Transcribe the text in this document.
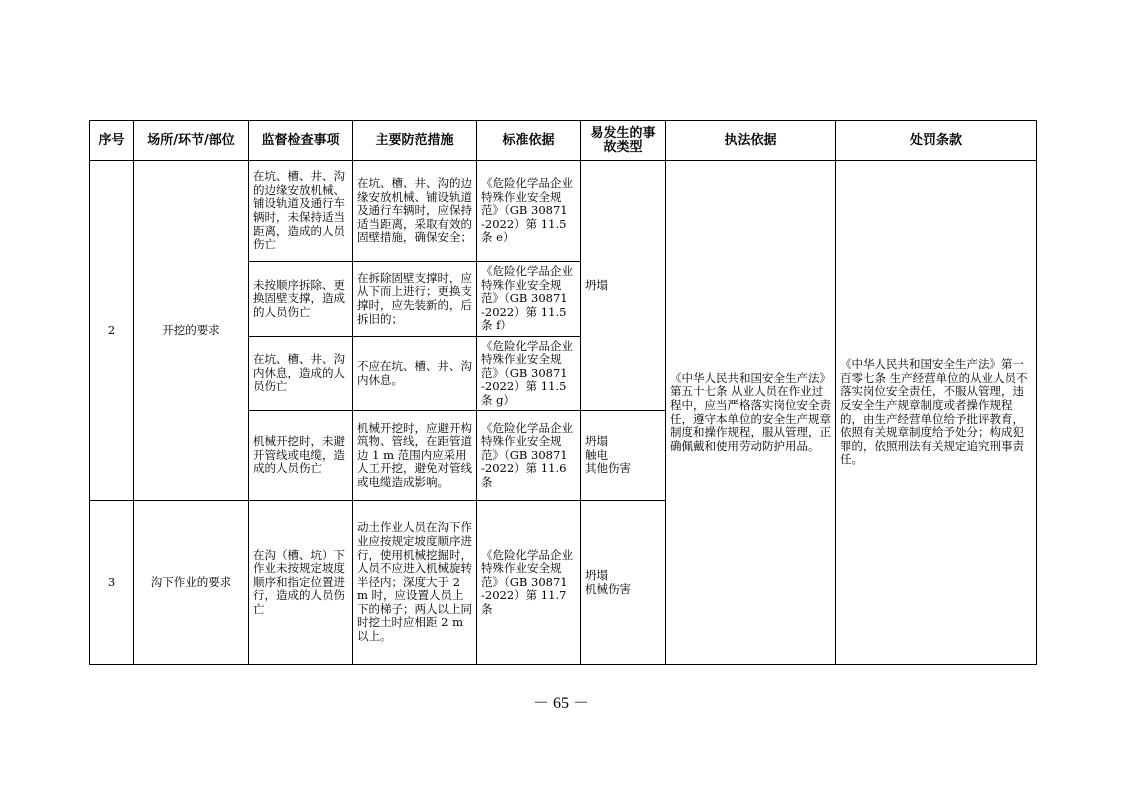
序号	场所/环节/部位	监督检查事项	主要防范措施	标准依据	易发生的事故类型	执法依据	处罚条款
2	开挖的要求	在坑、槽、井、沟的边缘安放机械、铺设轨道及通行车辆时，未保持适当距离，造成的人员伤亡	在坑、槽、井、沟的边缘安放机械、铺设轨道及通行车辆时，应保持适当距离，采取有效的固壁措施，确保安全；	《危险化学品企业特殊作业安全规范》（GB 30871 -2022）第 11.5 条 e）	坍塌	《中华人民共和国安全生产法》第五十七条 从业人员在作业过程中，应当严格落实岗位安全责任，遵守本单位的安全生产规章制度和操作规程，服从管理，正确佩戴和使用劳动防护用品。	《中华人民共和国安全生产法》第一百零七条 生产经营单位的从业人员不落实岗位安全责任，不服从管理，违反安全生产规章制度或者操作规程的，由生产经营单位给予批评教育，依照有关规章制度给予处分；构成犯罪的，依照刑法有关规定追究刑事责任。
		未按顺序拆除、更换固壁支撑，造成的人员伤亡	在拆除固壁支撑时，应从下而上进行；更换支撑时，应先装新的，后拆旧的；	《危险化学品企业特殊作业安全规范》（GB 30871 -2022）第 11.5 条 f）			
		在坑、槽、井、沟内休息，造成的人员伤亡	不应在坑、槽、井、沟内休息。	《危险化学品企业特殊作业安全规范》（GB 30871 -2022）第 11.5 条 g）			
		机械开挖时，未避开管线或电缆，造成的人员伤亡	机械开挖时，应避开构筑物、管线，在距管道边 1 m 范围内应采用人工开挖，避免对管线或电缆造成影响。	《危险化学品企业特殊作业安全规范》（GB 30871 -2022）第 11.6 条	坍塌
触电
其他伤害		

3	沟下作业的要求	在沟（槽、坑）下作业未按规定坡度顺序和指定位置进行，造成的人员伤亡	动土作业人员在沟下作业应按规定坡度顺序进行，使用机械挖掘时，人员不应进入机械旋转半径内；深度大于 2 m 时，应设置人员上下的梯子；两人以上同时挖土时应相距 2 m 以上。	《危险化学品企业特殊作业安全规范》（GB 30871 -2022）第 11.7 条	坍塌
机械伤害		
－ 65 －
